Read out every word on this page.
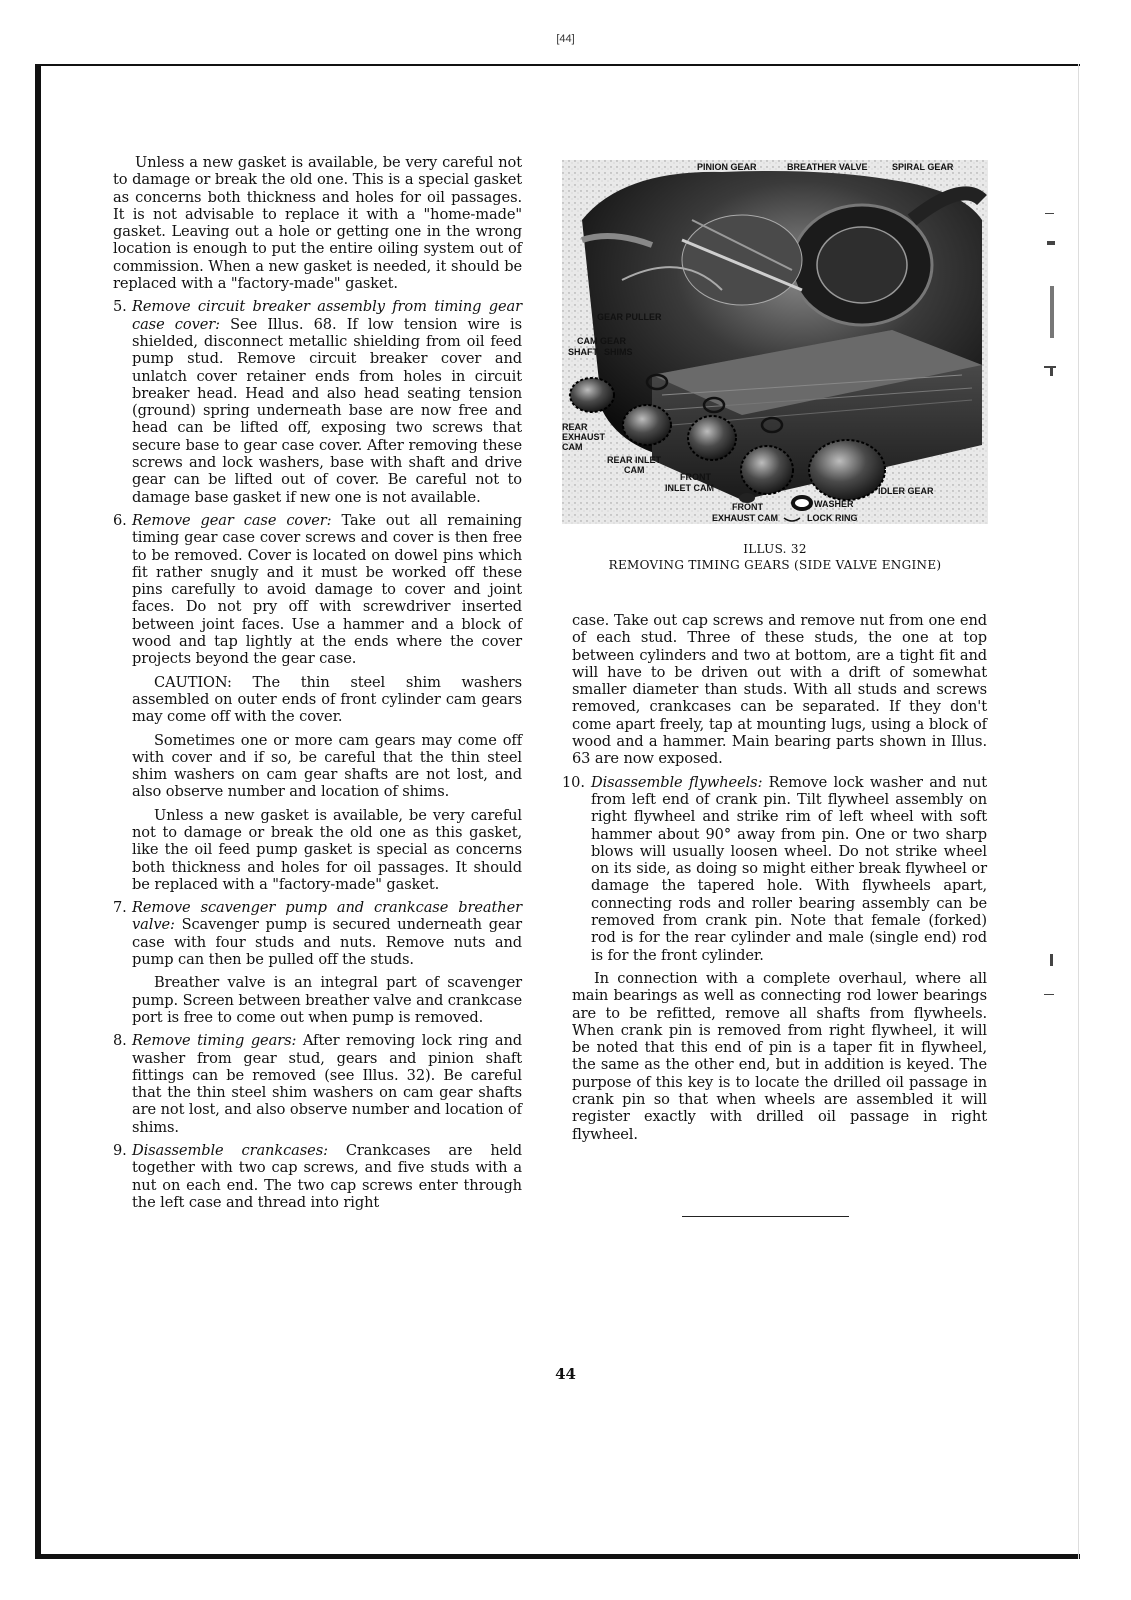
[44]

Unless a new gasket is available, be very careful not to damage or break the old one. This is a special gasket as concerns both thickness and holes for oil passages. It is not advisable to replace it with a "home-made" gasket. Leaving out a hole or getting one in the wrong location is enough to put the entire oiling system out of commission. When a new gasket is needed, it should be replaced with a "factory-made" gasket.

5. Remove circuit breaker assembly from timing gear case cover: See Illus. 68. If low tension wire is shielded, disconnect metallic shielding from oil feed pump stud. Remove circuit breaker cover and unlatch cover retainer ends from holes in circuit breaker head. Head and also head seating tension (ground) spring underneath base are now free and head can be lifted off, exposing two screws that secure base to gear case cover. After removing these screws and lock washers, base with shaft and drive gear can be lifted out of cover. Be careful not to damage base gasket if new one is not available.
6. Remove gear case cover: Take out all remaining timing gear case cover screws and cover is then free to be removed. Cover is located on dowel pins which fit rather snugly and it must be worked off these pins carefully to avoid damage to cover and joint faces. Do not pry off with screwdriver inserted between joint faces. Use a hammer and a block of wood and tap lightly at the ends where the cover projects beyond the gear case.

CAUTION: The thin steel shim washers assembled on outer ends of front cylinder cam gears may come off with the cover.

Sometimes one or more cam gears may come off with cover and if so, be careful that the thin steel shim washers on cam gear shafts are not lost, and also observe number and location of shims.

Unless a new gasket is available, be very careful not to damage or break the old one as this gasket, like the oil feed pump gasket is special as concerns both thickness and holes for oil passages. It should be replaced with a "factory-made" gasket.

7. Remove scavenger pump and crankcase breather valve: Scavenger pump is secured underneath gear case with four studs and nuts. Remove nuts and pump can then be pulled off the studs.

Breather valve is an integral part of scavenger pump. Screen between breather valve and crankcase port is free to come out when pump is removed.

8. Remove timing gears: After removing lock ring and washer from gear stud, gears and pinion shaft fittings can be removed (see Illus. 32). Be careful that the thin steel shim washers on cam gear shafts are not lost, and also observe number and location of shims.
9. Disassemble crankcases: Crankcases are held together with two cap screws, and five studs with a nut on each end. The two cap screws enter through the left case and thread into right
PINION GEAR	BREATHER VALVE	SPIRAL GEAR
GEAR PULLER
CAM GEAR
SHAFT SHIMS
REAR
EXHAUST
CAM
REAR INLET
CAM
FRONT
INLET CAM
FRONT
EXHAUST CAM
IDLER GEAR
WASHER
LOCK RING
ILLUS. 32
REMOVING TIMING GEARS (SIDE VALVE ENGINE)

case. Take out cap screws and remove nut from one end of each stud. Three of these studs, the one at top between cylinders and two at bottom, are a tight fit and will have to be driven out with a drift of somewhat smaller diameter than studs. With all studs and screws removed, crankcases can be separated. If they don't come apart freely, tap at mounting lugs, using a block of wood and a hammer. Main bearing parts shown in Illus. 63 are now exposed.

10. Disassemble flywheels: Remove lock washer and nut from left end of crank pin. Tilt flywheel assembly on right flywheel and strike rim of left wheel with soft hammer about 90° away from pin. One or two sharp blows will usually loosen wheel. Do not strike wheel on its side, as doing so might either break flywheel or damage the tapered hole. With flywheels apart, connecting rods and roller bearing assembly can be removed from crank pin. Note that female (forked) rod is for the rear cylinder and male (single end) rod is for the front cylinder.

In connection with a complete overhaul, where all main bearings as well as connecting rod lower bearings are to be refitted, remove all shafts from flywheels. When crank pin is removed from right flywheel, it will be noted that this end of pin is a taper fit in flywheel, the same as the other end, but in addition is keyed. The purpose of this key is to locate the drilled oil passage in crank pin so that when wheels are assembled it will register exactly with drilled oil passage in right flywheel.

44
